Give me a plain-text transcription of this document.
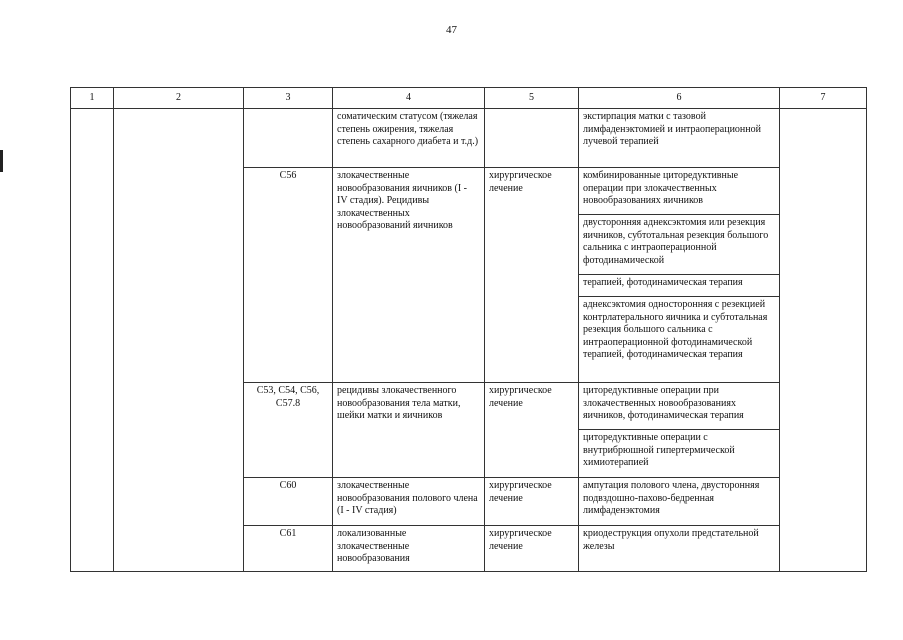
47
1	2	3	4	5	6	7
			соматическим статусом (тяжелая степень ожирения, тяжелая степень сахарного диабета и т.д.)		экстирпация матки с тазовой лимфаденэктомией и интраоперационной лучевой терапией	
		C56	злокачественные новообразования яичников (I - IV стадия). Рецидивы злокачественных новообразований яичников	хирургическое лечение	комбинированные циторедуктивные операции при злокачественных новообразованиях яичников	
					двусторонняя аднексэктомия или резекция яичников, субтотальная резекция большого сальника с интраоперационной фотодинамической	
					терапией, фотодинамическая терапия	
					аднексэктомия односторонняя с резекцией контрлатерального яичника и субтотальная резекция большого сальника с интраоперационной фотодинамической терапией, фотодинамическая терапия	
		C53, C54, C56, C57.8	рецидивы злокачественного новообразования тела матки, шейки матки и яичников	хирургическое лечение	циторедуктивные операции при злокачественных новообразованиях яичников, фотодинамическая терапия	
					циторедуктивные операции с внутрибрюшной гипертермической химиотерапией	
		C60	злокачественные новообразования полового члена (I - IV стадия)	хирургическое лечение	ампутация полового члена, двусторонняя подвздошно-пахово-бедренная лимфаденэктомия	
		C61	локализованные злокачественные новообразования	хирургическое лечение	криодеструкция опухоли предстательной железы	
